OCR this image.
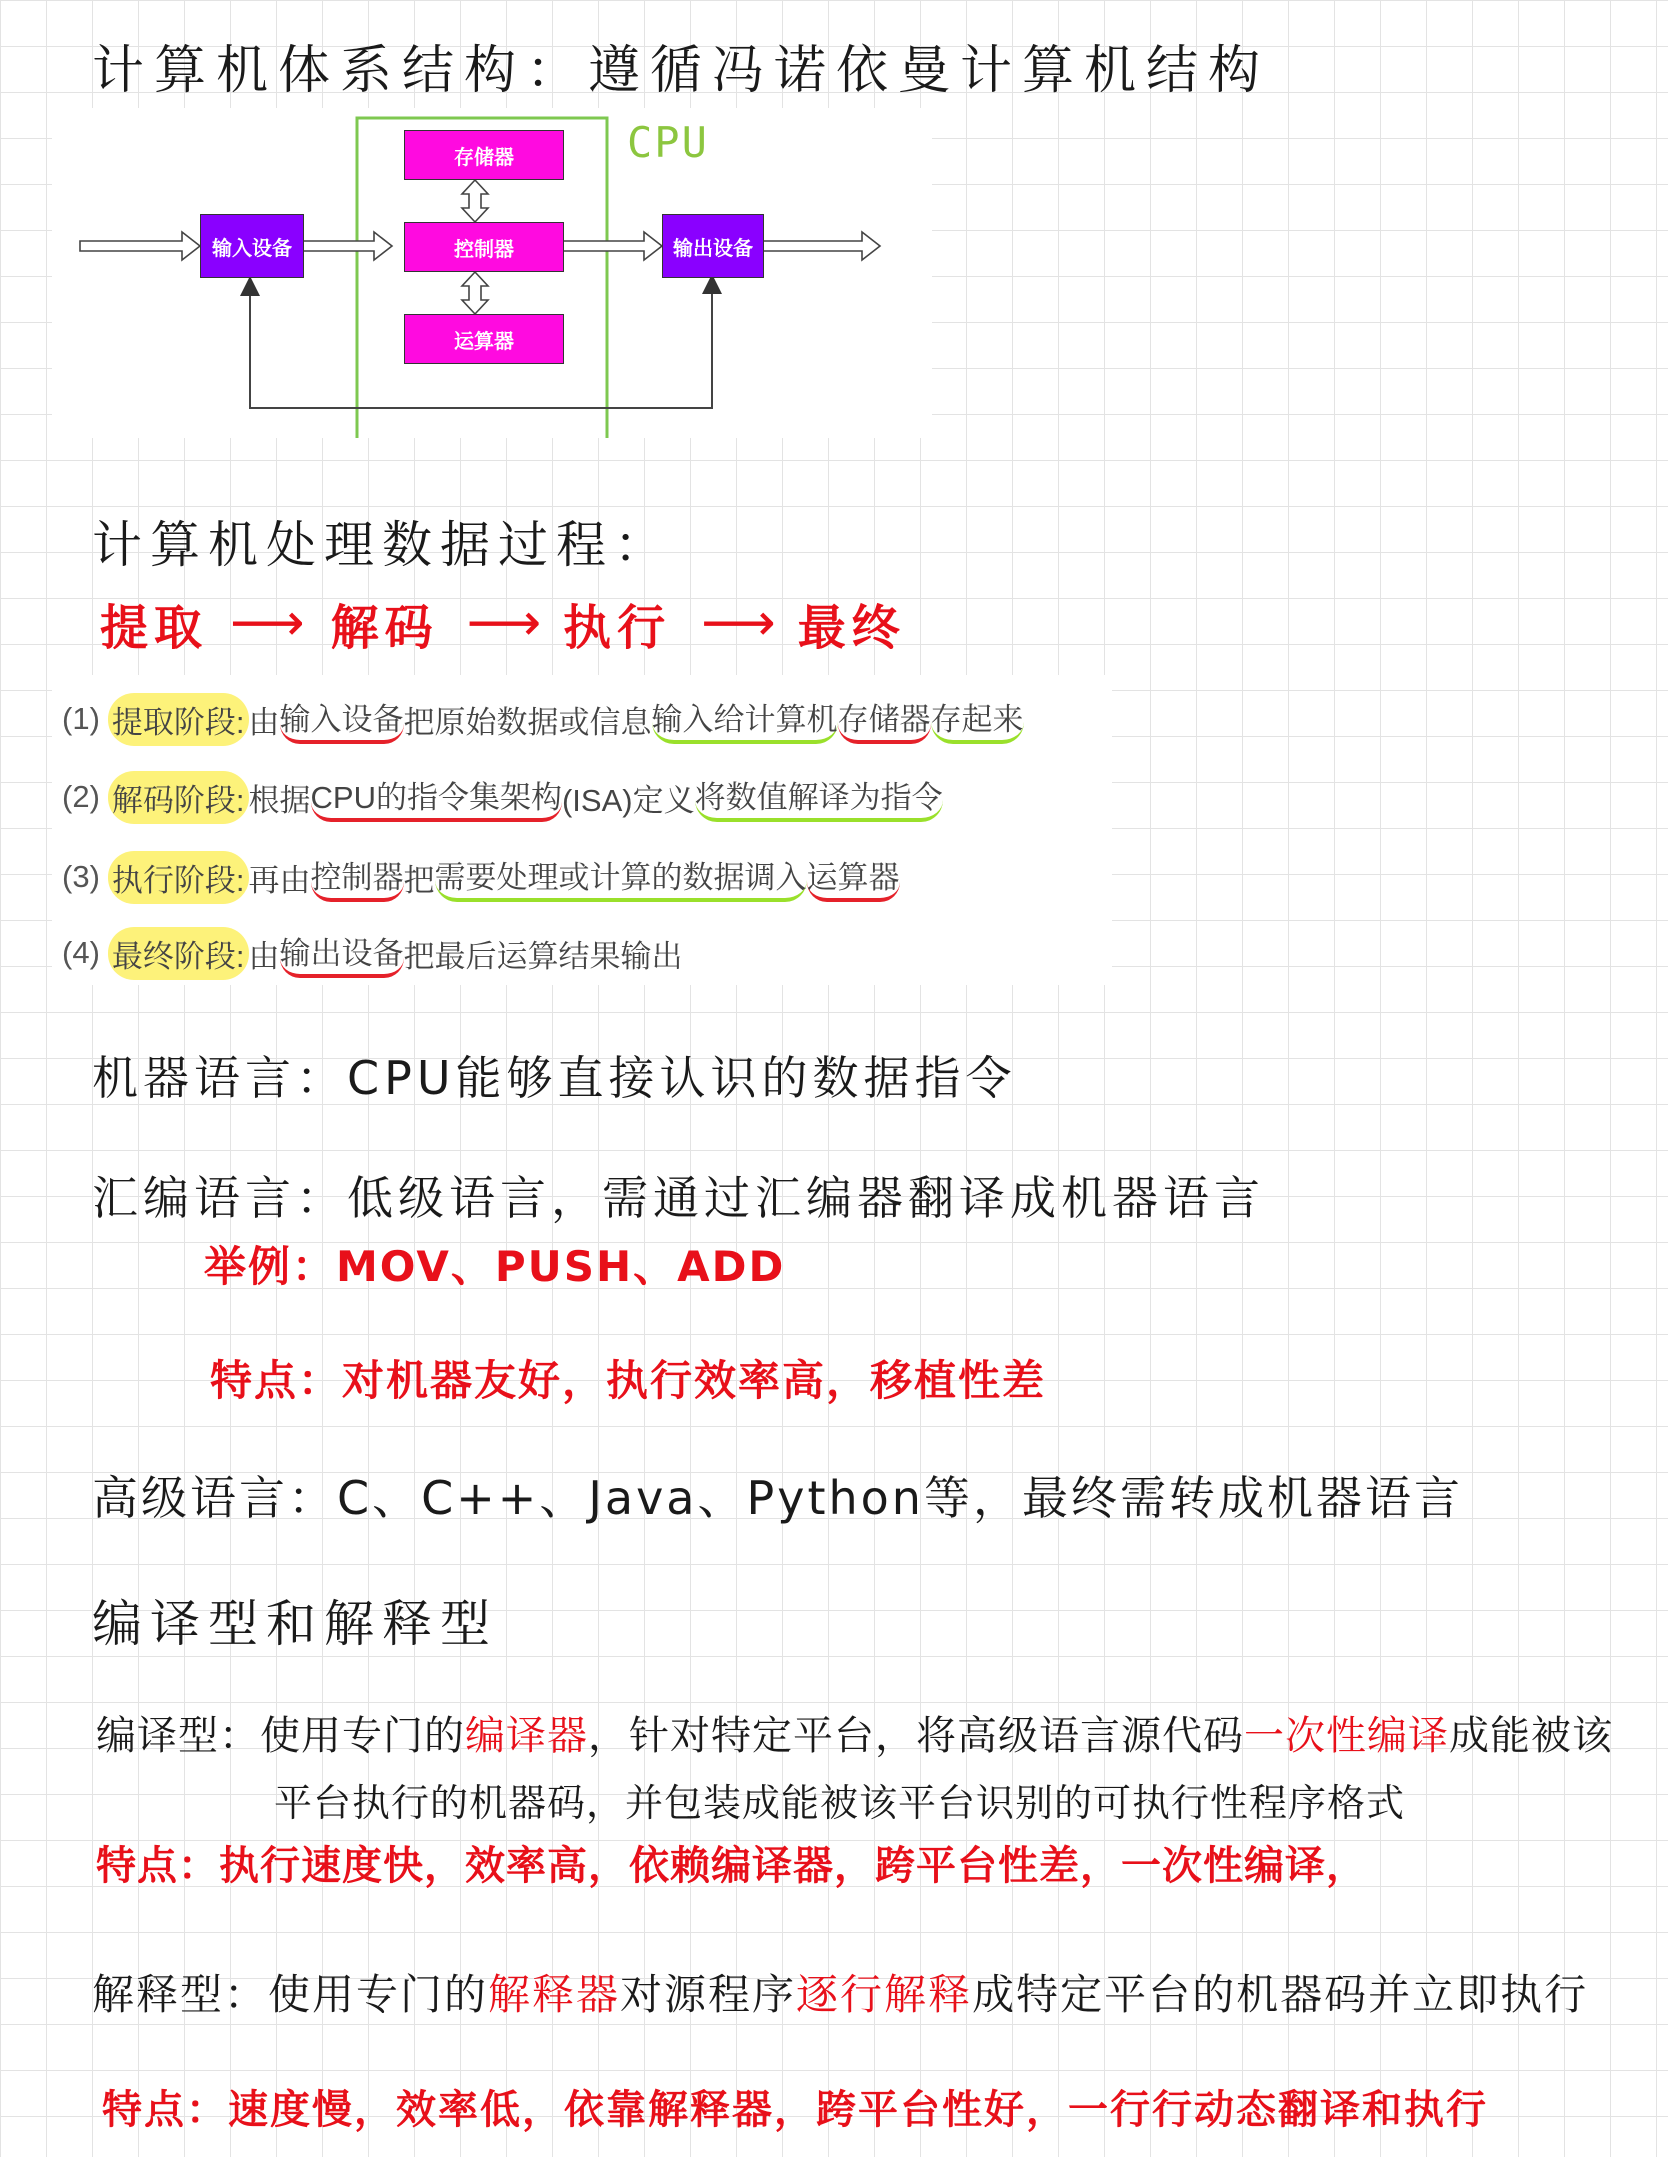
计算机体系结构：遵循冯诺依曼计算机结构
CPU
存储器
输入设备	控制器	输出设备
运算器
计算机处理数据过程：
提取 ⟶ 解码 ⟶ 执行 ⟶ 最终
(1) 提取阶段: 由 输入设备 把原始数据或信息 输入给计算机 存储器 存起来
(2) 解码阶段: 根据 CPU的指令集架构 (ISA)定义 将数值解译为指令
(3) 执行阶段: 再由 控制器 把 需要处理或计算的数据调入 运算器
(4) 最终阶段: 由 输出设备 把最后运算结果输出
机器语言：CPU能够直接认识的数据指令
汇编语言：低级语言，需通过汇编器翻译成机器语言
举例：MOV、PUSH、ADD
特点：对机器友好，执行效率高，移植性差
高级语言：C、C++、Java、Python等，最终需转成机器语言
编译型和解释型
编译型：使用专门的编译器，针对特定平台，将高级语言源代码一次性编译成能被该
平台执行的机器码，并包装成能被该平台识别的可执行性程序格式
特点：执行速度快，效率高，依赖编译器，跨平台性差，一次性编译，
解释型：使用专门的解释器对源程序逐行解释成特定平台的机器码并立即执行
特点：速度慢，效率低，依靠解释器，跨平台性好，一行行动态翻译和执行
